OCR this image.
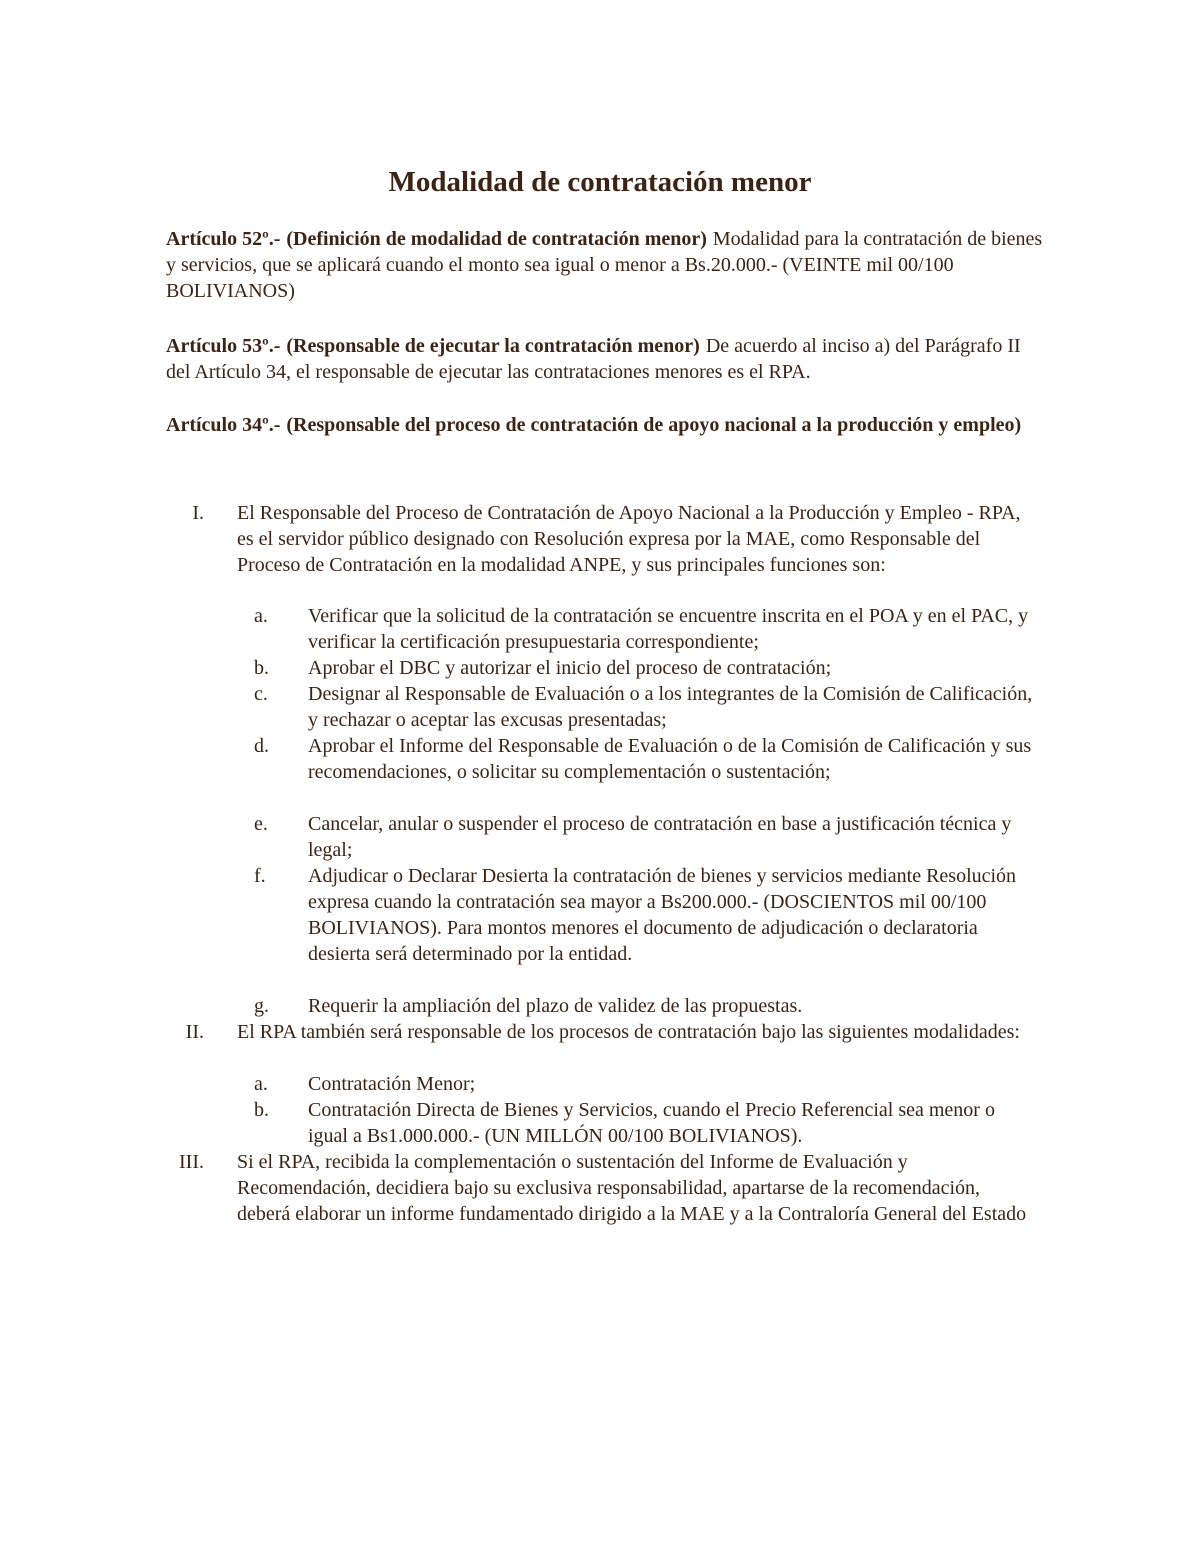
Modalidad de contratación menor

Artículo 52º.- (Definición de modalidad de contratación menor) Modalidad para la contratación de bienes y servicios, que se aplicará cuando el monto sea igual o menor a Bs.20.000.- (VEINTE mil 00/100 BOLIVIANOS)

Artículo 53º.- (Responsable de ejecutar la contratación menor) De acuerdo al inciso a) del Parágrafo II del Artículo 34, el responsable de ejecutar las contrataciones menores es el RPA.

Artículo 34º.- (Responsable del proceso de contratación de apoyo nacional a la producción y empleo)

I. El Responsable del Proceso de Contratación de Apoyo Nacional a la Producción y Empleo - RPA, es el servidor público designado con Resolución expresa por la MAE, como Responsable del Proceso de Contratación en la modalidad ANPE, y sus principales funciones son:
a.	Verificar que la solicitud de la contratación se encuentre inscrita en el POA y en el PAC, y verificar la certificación presupuestaria correspondiente;
b.	Aprobar el DBC y autorizar el inicio del proceso de contratación;
c.	Designar al Responsable de Evaluación o a los integrantes de la Comisión de Calificación, y rechazar o aceptar las excusas presentadas;
d.	Aprobar el Informe del Responsable de Evaluación o de la Comisión de Calificación y sus recomendaciones, o solicitar su complementación o sustentación;
e.	Cancelar, anular o suspender el proceso de contratación en base a justificación técnica y legal;
f.	Adjudicar o Declarar Desierta la contratación de bienes y servicios mediante Resolución expresa cuando la contratación sea mayor a Bs200.000.- (DOSCIENTOS mil 00/100 BOLIVIANOS). Para montos menores el documento de adjudicación o declaratoria desierta será determinado por la entidad.
g.	Requerir la ampliación del plazo de validez de las propuestas.
II. El RPA también será responsable de los procesos de contratación bajo las siguientes modalidades:
a.	Contratación Menor;
b.	Contratación Directa de Bienes y Servicios, cuando el Precio Referencial sea menor o igual a Bs1.000.000.- (UN MILLÓN 00/100 BOLIVIANOS).
III. Si el RPA, recibida la complementación o sustentación del Informe de Evaluación y Recomendación, decidiera bajo su exclusiva responsabilidad, apartarse de la recomendación, deberá elaborar un informe fundamentado dirigido a la MAE y a la Contraloría General del Estado
